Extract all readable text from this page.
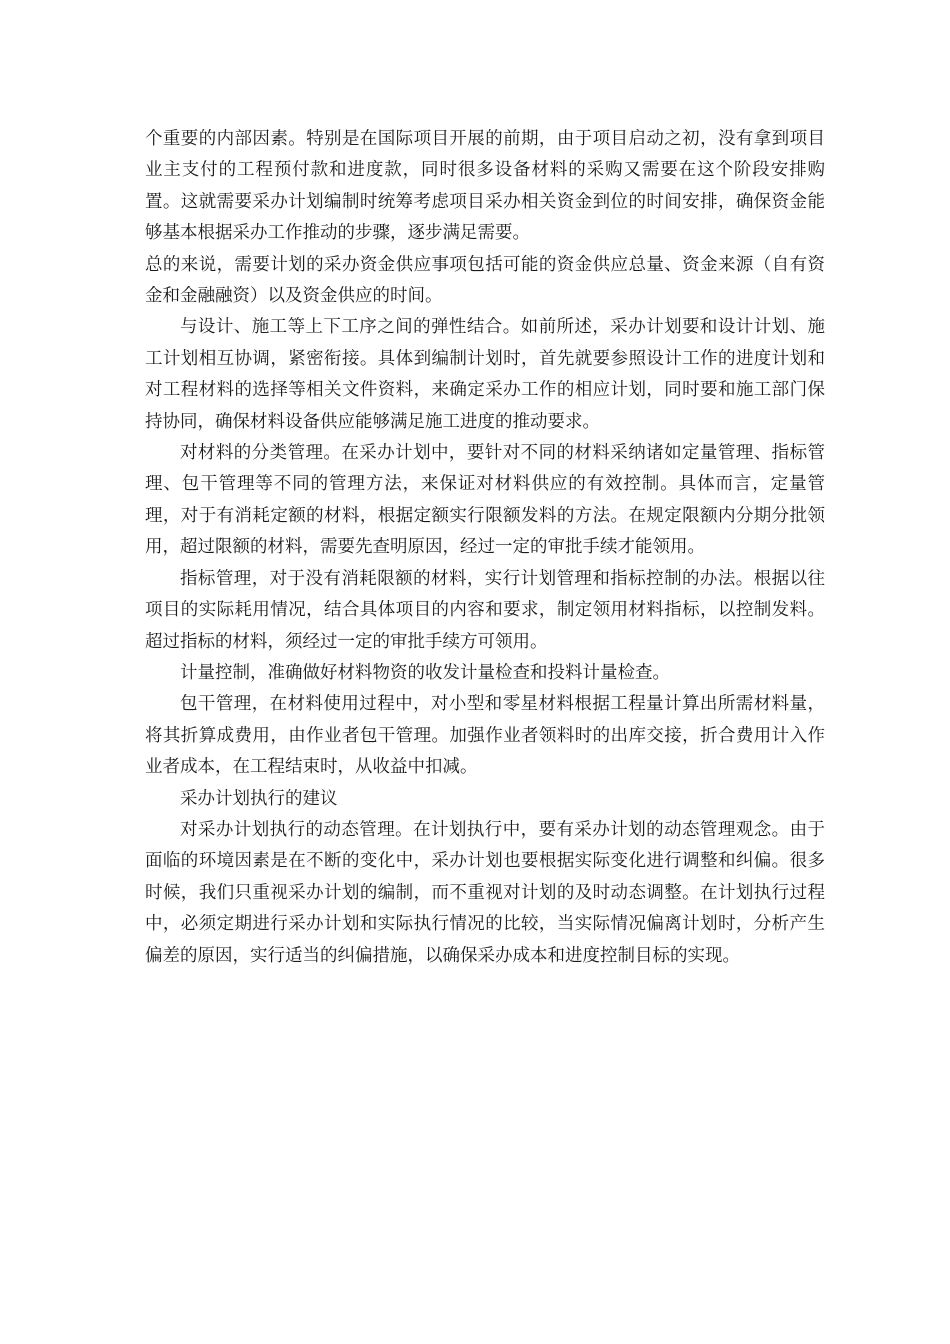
个重要的内部因素。特别是在国际项目开展的前期，由于项目启动之初，没有拿到项目业主支付的工程预付款和进度款，同时很多设备材料的采购又需要在这个阶段安排购置。这就需要采办计划编制时统筹考虑项目采办相关资金到位的时间安排，确保资金能够基本根据采办工作推动的步骤，逐步满足需要。

总的来说，需要计划的采办资金供应事项包括可能的资金供应总量、资金来源（自有资金和金融融资）以及资金供应的时间。

与设计、施工等上下工序之间的弹性结合。如前所述，采办计划要和设计计划、施工计划相互协调，紧密衔接。具体到编制计划时，首先就要参照设计工作的进度计划和对工程材料的选择等相关文件资料，来确定采办工作的相应计划，同时要和施工部门保持协同，确保材料设备供应能够满足施工进度的推动要求。

对材料的分类管理。在采办计划中，要针对不同的材料采纳诸如定量管理、指标管理、包干管理等不同的管理方法，来保证对材料供应的有效控制。具体而言，定量管理，对于有消耗定额的材料，根据定额实行限额发料的方法。在规定限额内分期分批领用，超过限额的材料，需要先查明原因，经过一定的审批手续才能领用。

指标管理，对于没有消耗限额的材料，实行计划管理和指标控制的办法。根据以往项目的实际耗用情况，结合具体项目的内容和要求，制定领用材料指标，以控制发料。超过指标的材料，须经过一定的审批手续方可领用。

计量控制，准确做好材料物资的收发计量检查和投料计量检查。

包干管理，在材料使用过程中，对小型和零星材料根据工程量计算出所需材料量，将其折算成费用，由作业者包干管理。加强作业者领料时的出库交接，折合费用计入作业者成本，在工程结束时，从收益中扣减。

采办计划执行的建议

对采办计划执行的动态管理。在计划执行中，要有采办计划的动态管理观念。由于面临的环境因素是在不断的变化中，采办计划也要根据实际变化进行调整和纠偏。很多时候，我们只重视采办计划的编制，而不重视对计划的及时动态调整。在计划执行过程中，必须定期进行采办计划和实际执行情况的比较，当实际情况偏离计划时，分析产生偏差的原因，实行适当的纠偏措施，以确保采办成本和进度控制目标的实现。
